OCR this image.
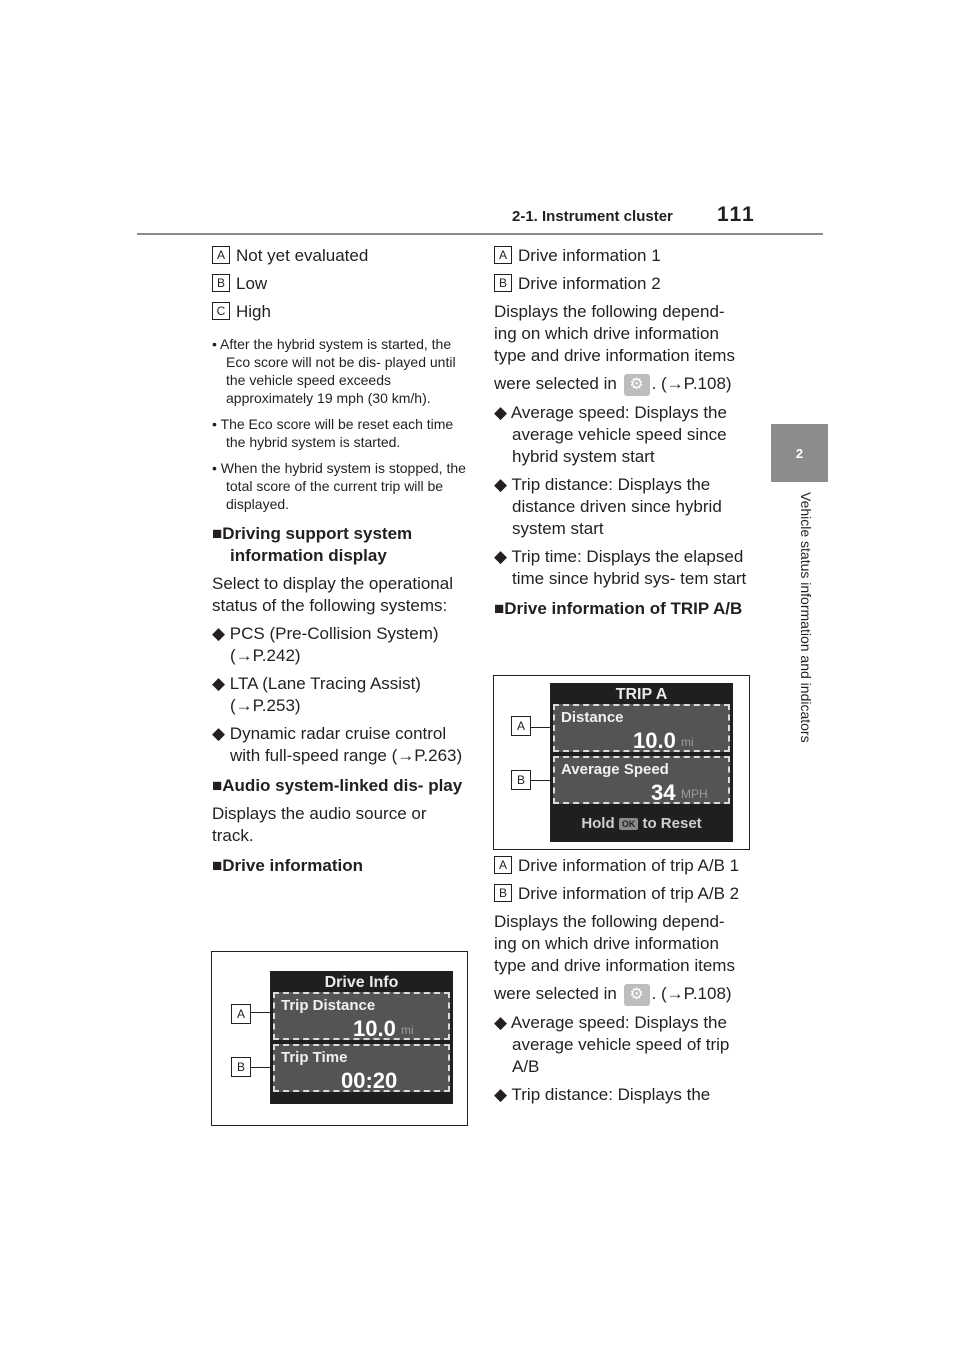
2-1. Instrument cluster 111
2
Vehicle status information and indicators
A Not yet evaluated
B Low
C High

• After the hybrid system is started, the Eco score will not be dis- played until the vehicle speed exceeds approximately 19 mph (30 km/h).

• The Eco score will be reset each time the hybrid system is started.

• When the hybrid system is stopped, the total score of the current trip will be displayed.

■Driving support system information display

Select to display the operational status of the following systems:

◆ PCS (Pre-Collision System) (→P.242)

◆ LTA (Lane Tracing Assist) (→P.253)

◆ Dynamic radar cruise control with full-speed range (→P.263)

■Audio system-linked dis- play

Displays the audio source or track.

■Drive information

Drive Info
Trip Distance
10.0 mi
Trip Time
00:20
A
B
A Drive information 1
B Drive information 2

Displays the following depend-

ing on which drive information

type and drive information items

were selected in ⚙ . (→P.108)

◆ Average speed: Displays the average vehicle speed since hybrid system start

◆ Trip distance: Displays the distance driven since hybrid system start

◆ Trip time: Displays the elapsed time since hybrid sys- tem start

■Drive information of TRIP A/B

TRIP A
Distance
10.0 mi
Average Speed
34 MPH
Hold OK to Reset
A
B
A Drive information of trip A/B 1
B Drive information of trip A/B 2

Displays the following depend-

ing on which drive information

type and drive information items

were selected in ⚙ . (→P.108)

◆ Average speed: Displays the average vehicle speed of trip A/B

◆ Trip distance: Displays the
